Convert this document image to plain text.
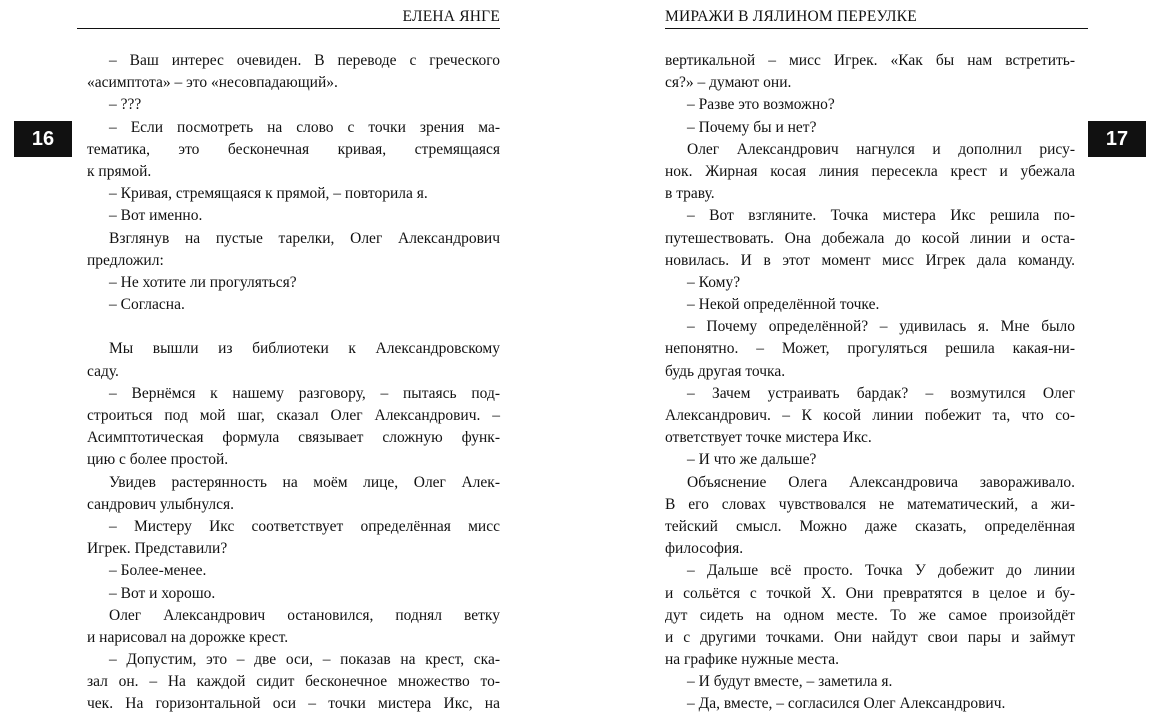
16	17
ЕЛЕНА ЯНГЕ
– Ваш интерес очевиден. В переводе с греческого
«асимптота» – это «несовпадающий».
– ???
– Если посмотреть на слово с точки зрения ма-
тематика, это бесконечная кривая, стремящаяся
к прямой.
– Кривая, стремящаяся к прямой, – повторила я.
– Вот именно.
Взглянув на пустые тарелки, Олег Александрович
предложил:
– Не хотите ли прогуляться?
– Согласна.
Мы вышли из библиотеки к Александровскому
саду.
– Вернёмся к нашему разговору, – пытаясь под-
строиться под мой шаг, сказал Олег Александрович. –
Асимптотическая формула связывает сложную функ-
цию с более простой.
Увидев растерянность на моём лице, Олег Алек-
сандрович улыбнулся.
– Мистеру Икс соответствует определённая мисс
Игрек. Представили?
– Более-менее.
– Вот и хорошо.
Олег Александрович остановился, поднял ветку
и нарисовал на дорожке крест.
– Допустим, это – две оси, – показав на крест, ска-
зал он. – На каждой сидит бесконечное множество то-
чек. На горизонтальной оси – точки мистера Икс, на
МИРАЖИ В ЛЯЛИНОМ ПЕРЕУЛКЕ
вертикальной – мисс Игрек. «Как бы нам встретить-
ся?» – думают они.
– Разве это возможно?
– Почему бы и нет?
Олег Александрович нагнулся и дополнил рису-
нок. Жирная косая линия пересекла крест и убежала
в траву.
– Вот взгляните. Точка мистера Икс решила по-
путешествовать. Она добежала до косой линии и оста-
новилась. И в этот момент мисс Игрек дала команду.
– Кому?
– Некой определённой точке.
– Почему определённой? – удивилась я. Мне было
непонятно. – Может, прогуляться решила какая-ни-
будь другая точка.
– Зачем устраивать бардак? – возмутился Олег
Александрович. – К косой линии побежит та, что со-
ответствует точке мистера Икс.
– И что же дальше?
Объяснение Олега Александровича завораживало.
В его словах чувствовался не математический, а жи-
тейский смысл. Можно даже сказать, определённая
философия.
– Дальше всё просто. Точка У добежит до линии
и сольётся с точкой Х. Они превратятся в целое и бу-
дут сидеть на одном месте. То же самое произойдёт
и с другими точками. Они найдут свои пары и займут
на графике нужные места.
– И будут вместе, – заметила я.
– Да, вместе, – согласился Олег Александрович.
